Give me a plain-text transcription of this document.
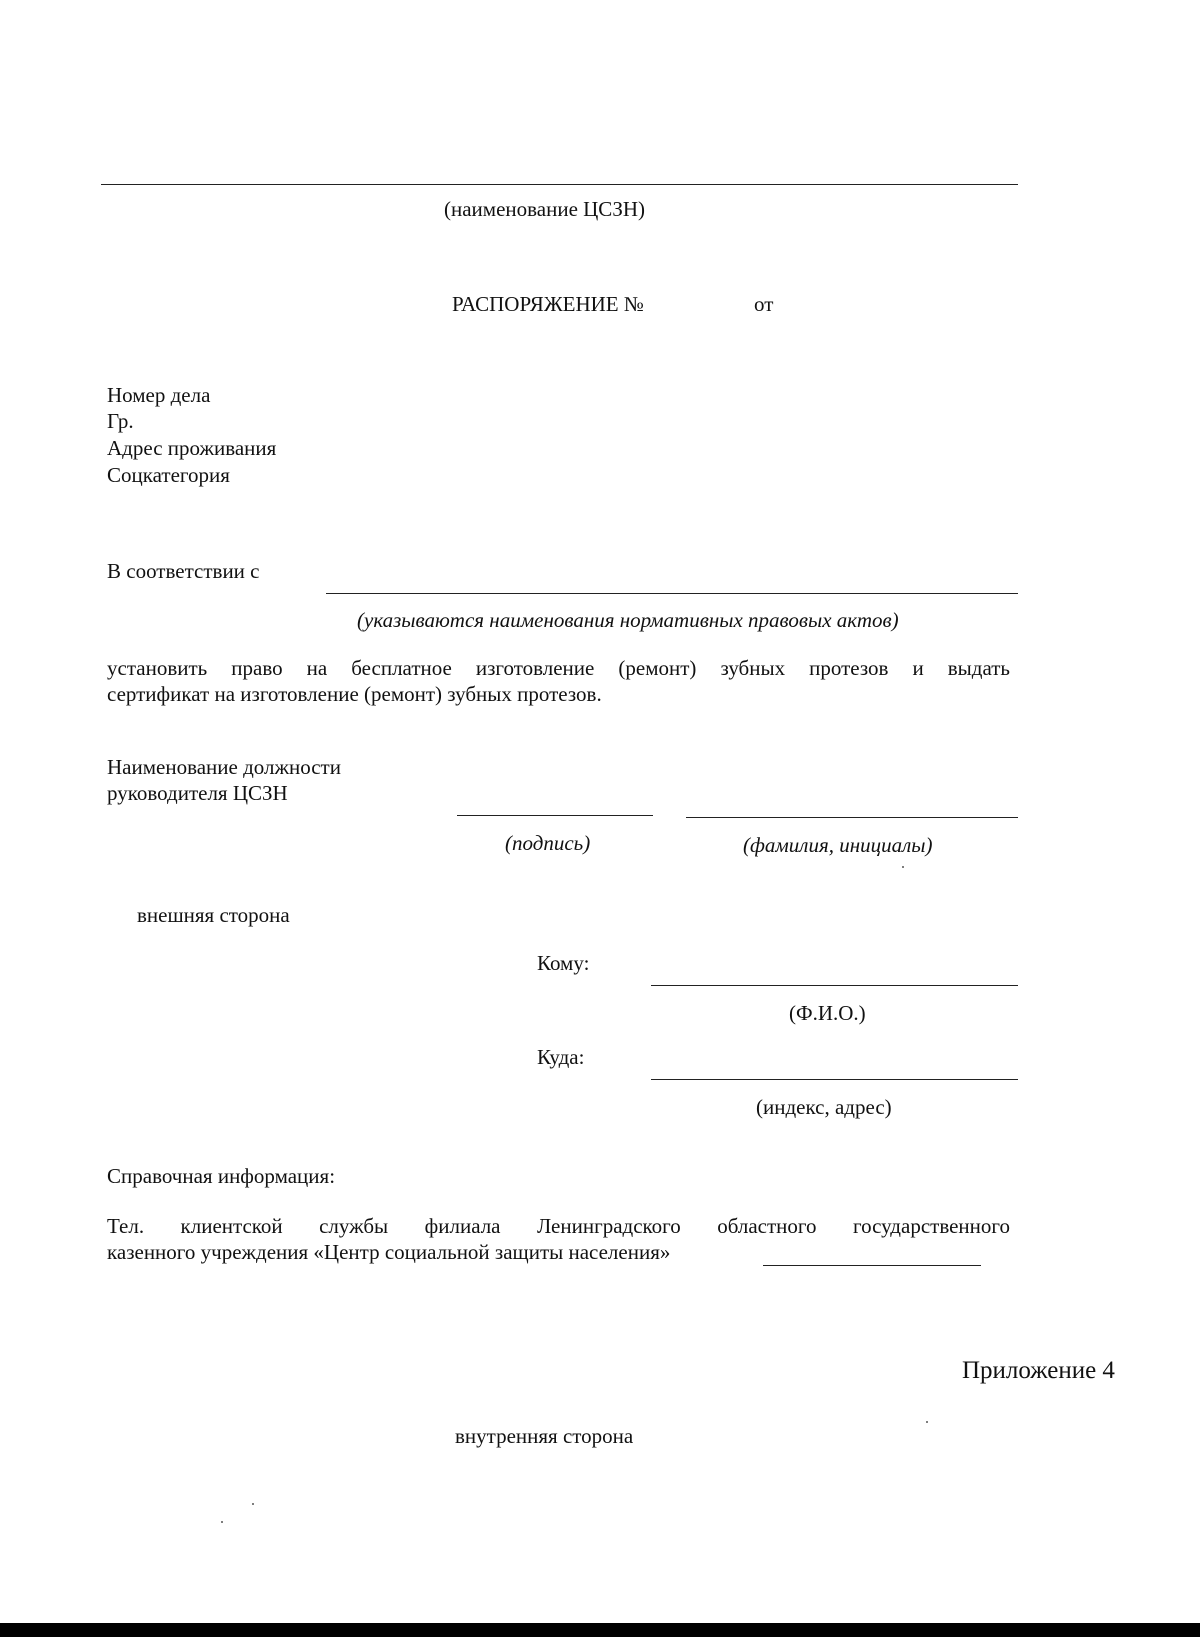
(наименование ЦСЗН)
РАСПОРЯЖЕНИЕ №	от
Номер дела
Гр.
Адрес проживания
Соцкатегория
В соответствии с
(указываются наименования нормативных правовых актов)
установить право на бесплатное изготовление (ремонт) зубных протезов и выдать
сертификат на изготовление (ремонт) зубных протезов.
Наименование должности
руководителя ЦСЗН
(подпись)	(фамилия, инициалы)
внешняя сторона
Кому:
(Ф.И.О.)
Куда:
(индекс, адрес)
Справочная информация:
Тел. клиентской службы филиала Ленинградского областного государственного
казенного учреждения «Центр социальной защиты населения»
Приложение 4
внутренняя сторона
